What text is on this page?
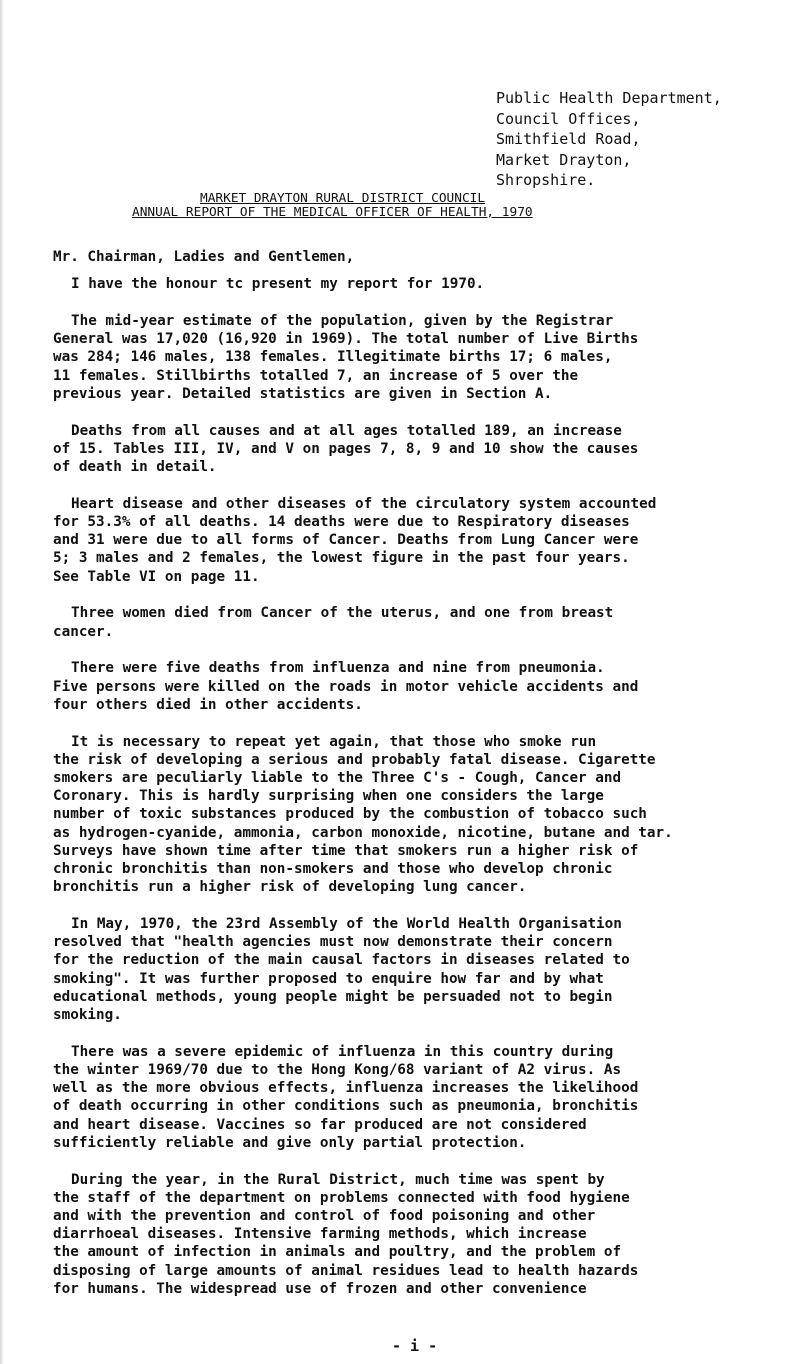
Public Health Department,
Council Offices,
Smithfield Road,
Market Drayton,
Shropshire.
MARKET DRAYTON RURAL DISTRICT COUNCIL
ANNUAL REPORT OF THE MEDICAL OFFICER OF HEALTH, 1970

Mr. Chairman, Ladies and Gentlemen,

I have the honour tc present my report for 1970.

The mid-year estimate of the population, given by the Registrar
General was 17,020 (16,920 in 1969). The total number of Live Births
was 284; 146 males, 138 females. Illegitimate births 17; 6 males,
11 females. Stillbirths totalled 7, an increase of 5 over the
previous year. Detailed statistics are given in Section A.

Deaths from all causes and at all ages totalled 189, an increase
of 15. Tables III, IV, and V on pages 7, 8, 9 and 10 show the causes
of death in detail.

Heart disease and other diseases of the circulatory system accounted
for 53.3% of all deaths. 14 deaths were due to Respiratory diseases
and 31 were due to all forms of Cancer. Deaths from Lung Cancer were
5; 3 males and 2 females, the lowest figure in the past four years.
See Table VI on page 11.

Three women died from Cancer of the uterus, and one from breast
cancer.

There were five deaths from influenza and nine from pneumonia.
Five persons were killed on the roads in motor vehicle accidents and
four others died in other accidents.

It is necessary to repeat yet again, that those who smoke run
the risk of developing a serious and probably fatal disease. Cigarette
smokers are peculiarly liable to the Three C's - Cough, Cancer and
Coronary. This is hardly surprising when one considers the large
number of toxic substances produced by the combustion of tobacco such
as hydrogen-cyanide, ammonia, carbon monoxide, nicotine, butane and tar.
Surveys have shown time after time that smokers run a higher risk of
chronic bronchitis than non-smokers and those who develop chronic
bronchitis run a higher risk of developing lung cancer.

In May, 1970, the 23rd Assembly of the World Health Organisation
resolved that "health agencies must now demonstrate their concern
for the reduction of the main causal factors in diseases related to
smoking". It was further proposed to enquire how far and by what
educational methods, young people might be persuaded not to begin
smoking.

There was a severe epidemic of influenza in this country during
the winter 1969/70 due to the Hong Kong/68 variant of A2 virus. As
well as the more obvious effects, influenza increases the likelihood
of death occurring in other conditions such as pneumonia, bronchitis
and heart disease. Vaccines so far produced are not considered
sufficiently reliable and give only partial protection.

During the year, in the Rural District, much time was spent by
the staff of the department on problems connected with food hygiene
and with the prevention and control of food poisoning and other
diarrhoeal diseases. Intensive farming methods, which increase
the amount of infection in animals and poultry, and the problem of
disposing of large amounts of animal residues lead to health hazards
for humans. The widespread use of frozen and other convenience

- i -
